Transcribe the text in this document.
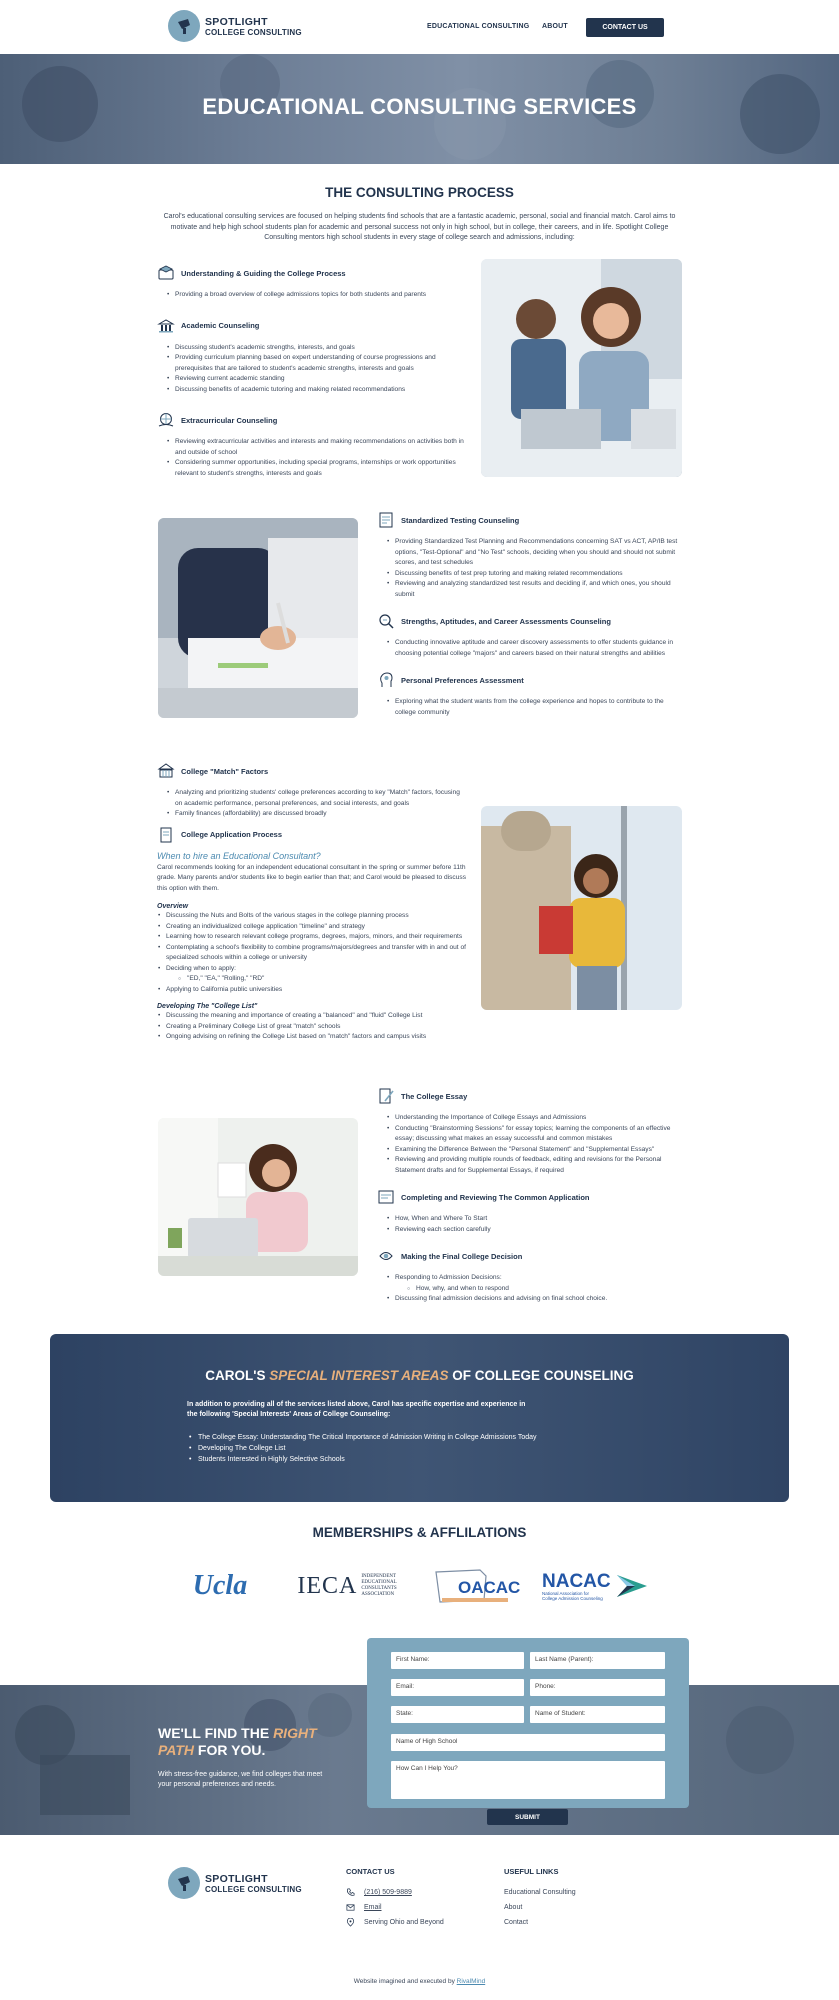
SPOTLIGHT
COLLEGE CONSULTING
EDUCATIONAL CONSULTING ABOUT	CONTACT US
EDUCATIONAL CONSULTING SERVICES
THE CONSULTING PROCESS

Carol's educational consulting services are focused on helping students find schools that are a fantastic academic, personal, social and financial match. Carol aims to motivate and help high school students plan for academic and personal success not only in high school, but in college, their careers, and in life. Spotlight College Consulting mentors high school students in every stage of college search and admissions, including:

Understanding & Guiding the College Process
• Providing a broad overview of college admissions topics for both students and parents
Academic Counseling
• Discussing student's academic strengths, interests, and goals
• Providing curriculum planning based on expert understanding of course progressions and prerequisites that are tailored to student's academic strengths, interests and goals
• Reviewing current academic standing
• Discussing benefits of academic tutoring and making related recommendations
Extracurricular Counseling
• Reviewing extracurricular activities and interests and making recommendations on activities both in and outside of school
• Considering summer opportunities, including special programs, internships or work opportunities relevant to student's strengths, interests and goals
Standardized Testing Counseling
• Providing Standardized Test Planning and Recommendations concerning SAT vs ACT, AP/IB test options, "Test-Optional" and "No Test" schools, deciding when you should and should not submit scores, and test schedules
• Discussing benefits of test prep tutoring and making related recommendations
• Reviewing and analyzing standardized test results and deciding if, and which ones, you should submit
Strengths, Aptitudes, and Career Assessments Counseling
• Conducting innovative aptitude and career discovery assessments to offer students guidance in choosing potential college "majors" and careers based on their natural strengths and abilities
Personal Preferences Assessment
• Exploring what the student wants from the college experience and hopes to contribute to the college community
College "Match" Factors
• Analyzing and prioritizing students' college preferences according to key "Match" factors, focusing on academic performance, personal preferences, and social interests, and goals
• Family finances (affordability) are discussed broadly
College Application Process
When to hire an Educational Consultant?

Carol recommends looking for an independent educational consultant in the spring or summer before 11th grade. Many parents and/or students like to begin earlier than that; and Carol would be pleased to discuss this option with them.

Overview
• Discussing the Nuts and Bolts of the various stages in the college planning process
• Creating an individualized college application "timeline" and strategy
• Learning how to research relevant college programs, degrees, majors, minors, and their requirements
• Contemplating a school's flexibility to combine programs/majors/degrees and transfer with in and out of specialized schools within a college or university
• Deciding when to apply:
○ "ED," "EA," "Rolling," "RD"
• Applying to California public universities
Developing The "College List"
• Discussing the meaning and importance of creating a "balanced" and "fluid" College List
• Creating a Preliminary College List of great "match" schools
• Ongoing advising on refining the College List based on "match" factors and campus visits
The College Essay
• Understanding the Importance of College Essays and Admissions
• Conducting "Brainstorming Sessions" for essay topics; learning the components of an effective essay; discussing what makes an essay successful and common mistakes
• Examining the Difference Between the "Personal Statement" and "Supplemental Essays"
• Reviewing and providing multiple rounds of feedback, editing and revisions for the Personal Statement drafts and for Supplemental Essays, if required
Completing and Reviewing The Common Application
• How, When and Where To Start
• Reviewing each section carefully
Making the Final College Decision
• Responding to Admission Decisions:
○ How, why, and when to respond
• Discussing final admission decisions and advising on final school choice.
CAROL'S SPECIAL INTEREST AREAS OF COLLEGE COUNSELING

In addition to providing all of the services listed above, Carol has specific expertise and experience in the following 'Special Interests' Areas of College Counseling:

• The College Essay: Understanding The Critical Importance of Admission Writing in College Admissions Today
• Developing The College List
• Students Interested in Highly Selective Schools
MEMBERSHIPS & AFFLILATIONS
Ucla IECA INDEPENDENT
EDUCATIONAL
CONSULTANTS
ASSOCIATION	OACAC NACAC
National Association for
College Admission Counseling
WE'LL FIND THE RIGHT
PATH FOR YOU.

With stress-free guidance, we find colleges that meet your personal preferences and needs.

First Name:	Last Name (Parent):
Email:	Phone:
State:	Name of Student:
Name of High School
How Can I Help You?
SUBMIT
SPOTLIGHT
COLLEGE CONSULTING
CONTACT US
(216) 509-9889
Email
Serving Ohio and Beyond
USEFUL LINKS
Educational Consulting
About
Contact
Website imagined and executed by RivalMind
